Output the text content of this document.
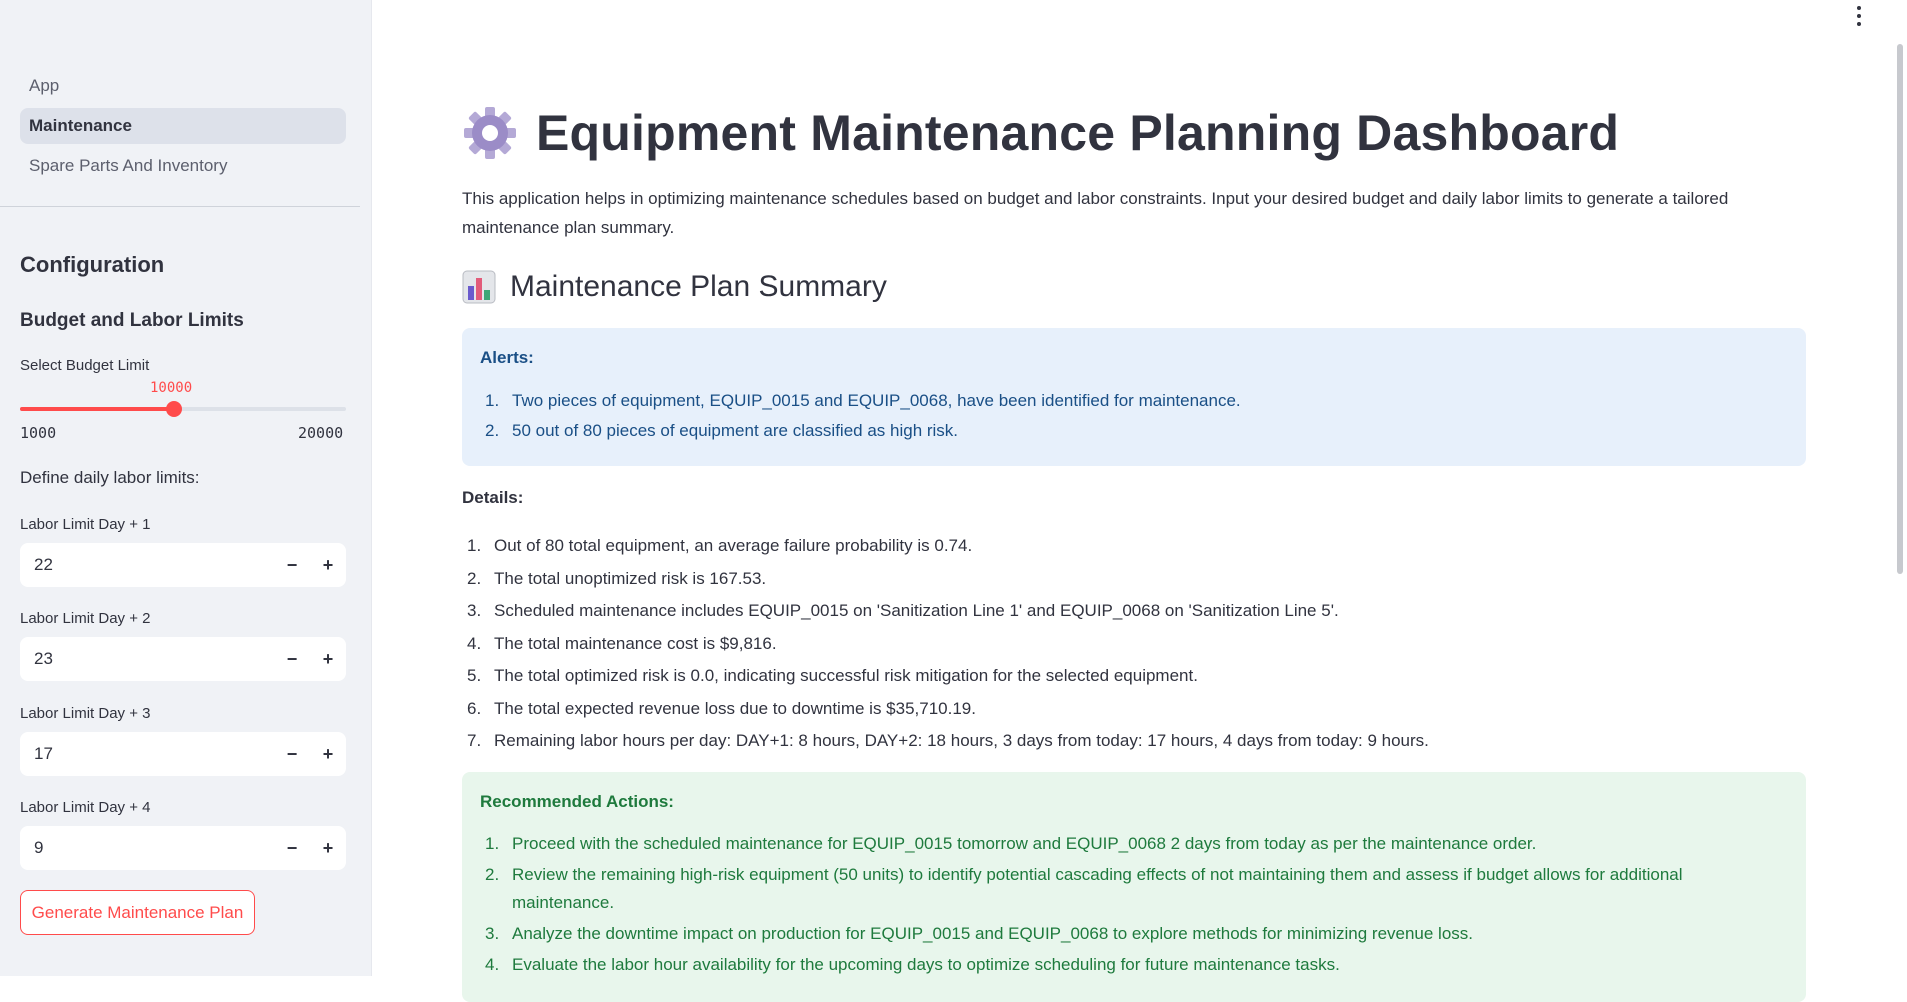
App
Maintenance
Spare Parts And Inventory
Configuration
Budget and Labor Limits
Select Budget Limit
10000
1000	20000
Define daily labor limits:
Labor Limit Day + 1
22	−	+
Labor Limit Day + 2
23	−	+
Labor Limit Day + 3
17	−	+
Labor Limit Day + 4
9	−	+
Generate Maintenance Plan
Equipment Maintenance Planning Dashboard
This application helps in optimizing maintenance schedules based on budget and labor constraints. Input your desired budget and daily labor limits to generate a tailored maintenance plan summary.
Maintenance Plan Summary
Alerts:
1. Two pieces of equipment, EQUIP_0015 and EQUIP_0068, have been identified for maintenance.
2. 50 out of 80 pieces of equipment are classified as high risk.
Details:
1. Out of 80 total equipment, an average failure probability is 0.74.
2. The total unoptimized risk is 167.53.
3. Scheduled maintenance includes EQUIP_0015 on 'Sanitization Line 1' and EQUIP_0068 on 'Sanitization Line 5'.
4. The total maintenance cost is $9,816.
5. The total optimized risk is 0.0, indicating successful risk mitigation for the selected equipment.
6. The total expected revenue loss due to downtime is $35,710.19.
7. Remaining labor hours per day: DAY+1: 8 hours, DAY+2: 18 hours, 3 days from today: 17 hours, 4 days from today: 9 hours.
Recommended Actions:
1. Proceed with the scheduled maintenance for EQUIP_0015 tomorrow and EQUIP_0068 2 days from today as per the maintenance order.
2. Review the remaining high-risk equipment (50 units) to identify potential cascading effects of not maintaining them and assess if budget allows for additional maintenance.
3. Analyze the downtime impact on production for EQUIP_0015 and EQUIP_0068 to explore methods for minimizing revenue loss.
4. Evaluate the labor hour availability for the upcoming days to optimize scheduling for future maintenance tasks.
